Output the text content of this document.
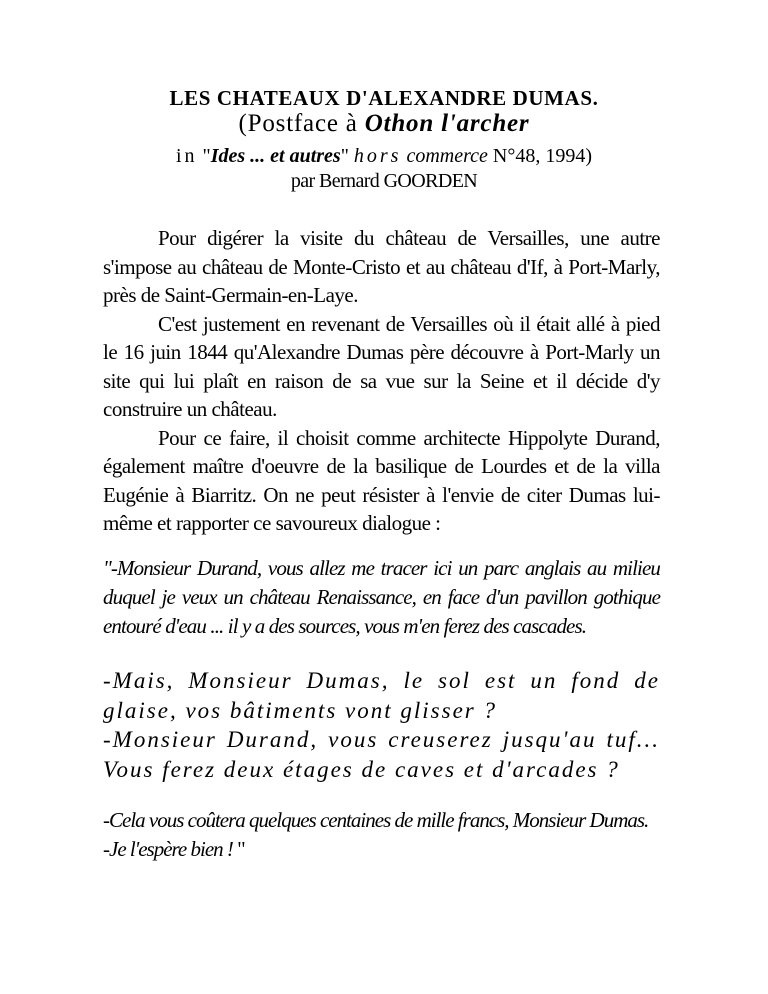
LES CHATEAUX D'ALEXANDRE DUMAS.
(Postface à Othon l'archer
in "Ides ... et autres" hors commerce N°48, 1994)
par Bernard GOORDEN

Pour digérer la visite du château de Versailles, une autre s'impose au château de Monte-Cristo et au château d'If, à Port-Marly, près de Saint-Germain-en-Laye.

C'est justement en revenant de Versailles où il était allé à pied le 16 juin 1844 qu'Alexandre Dumas père découvre à Port-Marly un site qui lui plaît en raison de sa vue sur la Seine et il décide d'y construire un château.

Pour ce faire, il choisit comme architecte Hippolyte Durand, également maître d'oeuvre de la basilique de Lourdes et de la villa Eugénie à Biarritz. On ne peut résister à l'envie de citer Dumas lui-même et rapporter ce savoureux dialogue :

"-Monsieur Durand, vous allez me tracer ici un parc anglais au milieu duquel je veux un château Renaissance, en face d'un pavillon gothique entouré d'eau ... il y a des sources, vous m'en ferez des cascades.

-Mais, Monsieur Dumas, le sol est un fond de glaise, vos bâtiments vont glisser ?

-Monsieur Durand, vous creuserez jusqu'au tuf... Vous ferez deux étages de caves et d'arcades ?

-Cela vous coûtera quelques centaines de mille francs, Monsieur Dumas.

-Je l'espère bien ! "
